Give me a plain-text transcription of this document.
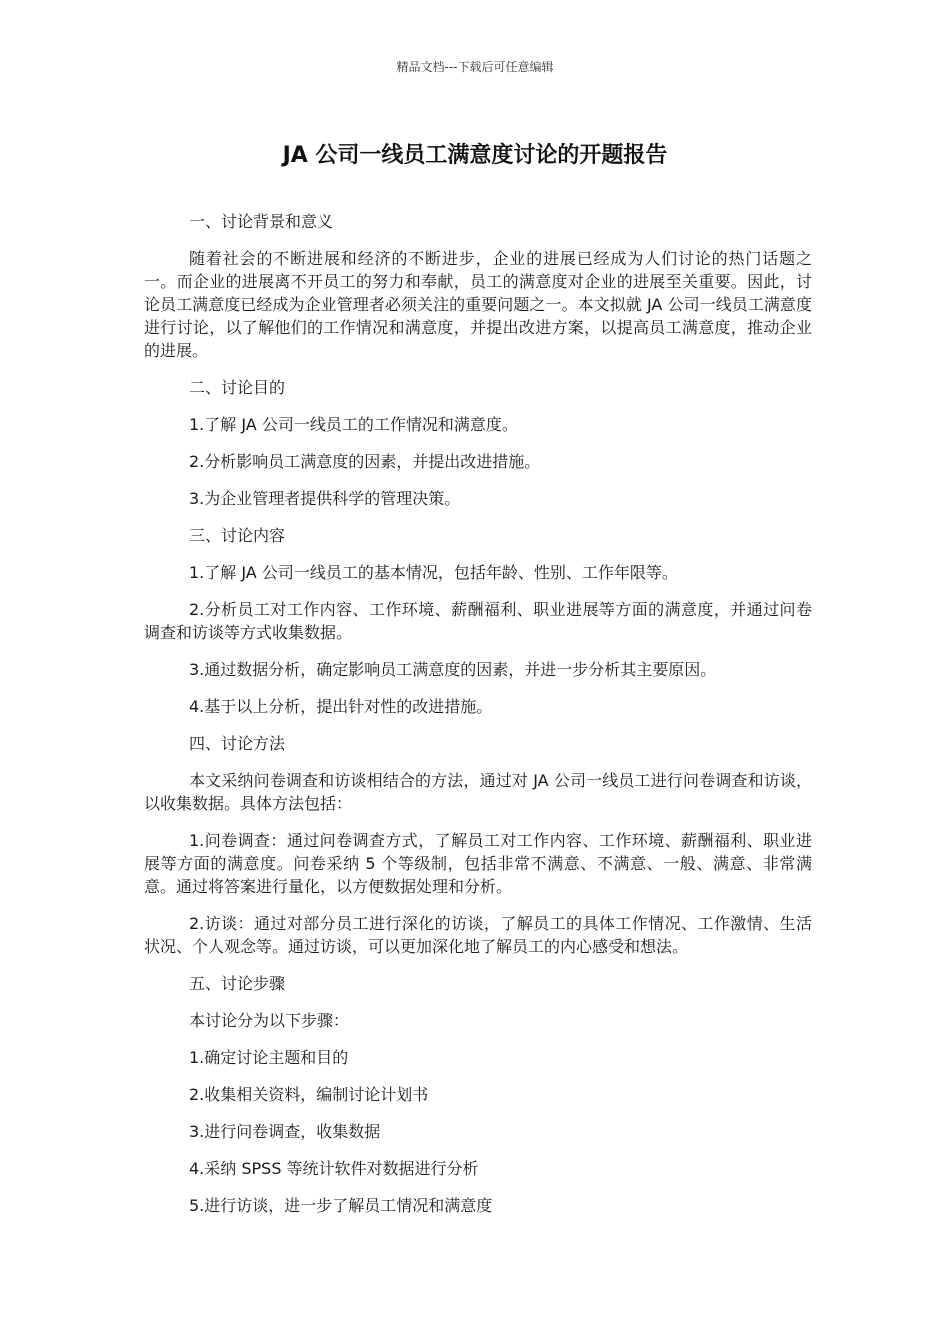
精品文档---下载后可任意编辑
JA 公司一线员工满意度讨论的开题报告

一、讨论背景和意义

随着社会的不断进展和经济的不断进步，企业的进展已经成为人们讨论的热门话题之一。而企业的进展离不开员工的努力和奉献，员工的满意度对企业的进展至关重要。因此，讨论员工满意度已经成为企业管理者必须关注的重要问题之一。本文拟就 JA 公司一线员工满意度进行讨论，以了解他们的工作情况和满意度，并提出改进方案，以提高员工满意度，推动企业的进展。

二、讨论目的

1.了解 JA 公司一线员工的工作情况和满意度。

2.分析影响员工满意度的因素，并提出改进措施。

3.为企业管理者提供科学的管理决策。

三、讨论内容

1.了解 JA 公司一线员工的基本情况，包括年龄、性别、工作年限等。

2.分析员工对工作内容、工作环境、薪酬福利、职业进展等方面的满意度，并通过问卷调查和访谈等方式收集数据。

3.通过数据分析，确定影响员工满意度的因素，并进一步分析其主要原因。

4.基于以上分析，提出针对性的改进措施。

四、讨论方法

本文采纳问卷调查和访谈相结合的方法，通过对 JA 公司一线员工进行问卷调查和访谈，以收集数据。具体方法包括：

1.问卷调查：通过问卷调查方式，了解员工对工作内容、工作环境、薪酬福利、职业进展等方面的满意度。问卷采纳 5 个等级制，包括非常不满意、不满意、一般、满意、非常满意。通过将答案进行量化，以方便数据处理和分析。

2.访谈：通过对部分员工进行深化的访谈，了解员工的具体工作情况、工作激情、生活状况、个人观念等。通过访谈，可以更加深化地了解员工的内心感受和想法。

五、讨论步骤

本讨论分为以下步骤：

1.确定讨论主题和目的

2.收集相关资料，编制讨论计划书

3.进行问卷调查，收集数据

4.采纳 SPSS 等统计软件对数据进行分析

5.进行访谈，进一步了解员工情况和满意度
